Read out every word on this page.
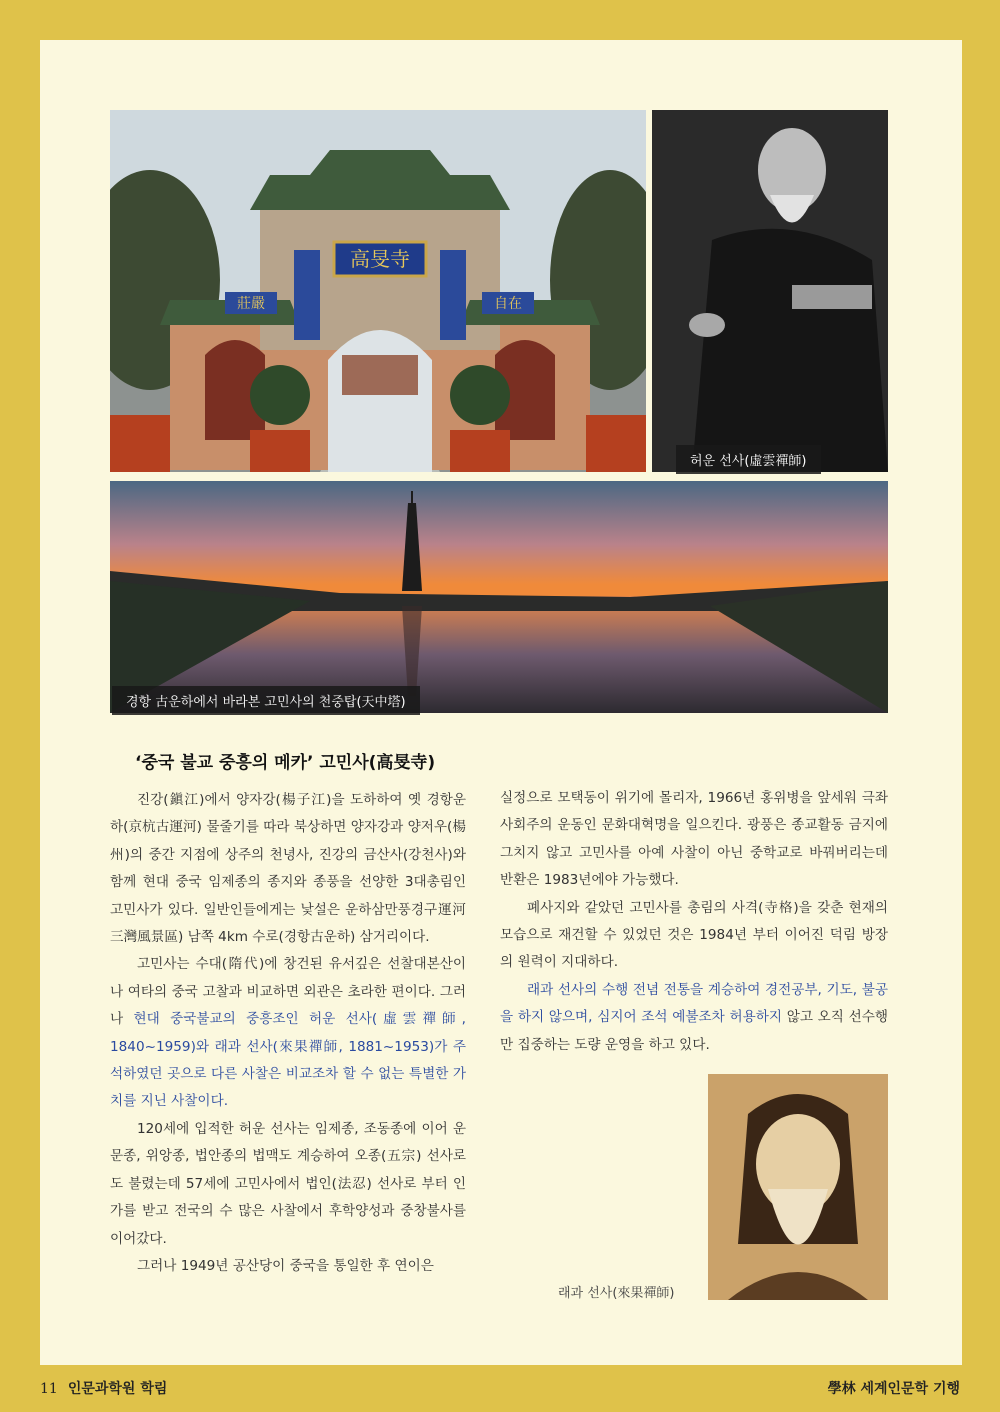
高旻寺
莊嚴	自在
허운 선사(虛雲禪師)
경항 古운하에서 바라본 고민사의 천중탑(天中塔)
래과 선사(來果禪師)
‘중국 불교 중흥의 메카’ 고민사(高旻寺)

진강(鎭江)에서 양자강(楊子江)을 도하하여 옛 경항운하(京杭古運河) 물줄기를 따라 북상하면 양자강과 양저우(楊州)의 중간 지점에 상주의 천녕사, 진강의 금산사(강천사)와 함께 현대 중국 임제종의 종지와 종풍을 선양한 3대총림인 고민사가 있다. 일반인들에게는 낯설은 운하삼만풍경구運河三灣風景區) 남쪽 4km 수로(경항古운하) 삼거리이다.

고민사는 수대(隋代)에 창건된 유서깊은 선찰대본산이나 여타의 중국 고찰과 비교하면 외관은 초라한 편이다. 그러나 현대 중국불교의 중흥조인 허운 선사(虛雲禪師, 1840~1959)와 래과 선사(來果禪師, 1881~1953)가 주석하였던 곳으로 다른 사찰은 비교조차 할 수 없는 특별한 가치를 지닌 사찰이다.

120세에 입적한 허운 선사는 임제종, 조동종에 이어 운문종, 위앙종, 법안종의 법맥도 계승하여 오종(五宗) 선사로도 불렸는데 57세에 고민사에서 법인(法忍) 선사로 부터 인가를 받고 전국의 수 많은 사찰에서 후학양성과 중창불사를 이어갔다.

그러나 1949년 공산당이 중국을 통일한 후 연이은

실정으로 모택동이 위기에 몰리자, 1966년 홍위병을 앞세워 극좌 사회주의 운동인 문화대혁명을 일으킨다. 광풍은 종교활동 금지에 그치지 않고 고민사를 아예 사찰이 아닌 중학교로 바꿔버리는데 반환은 1983년에야 가능했다.

폐사지와 같았던 고민사를 총림의 사격(寺格)을 갖춘 현재의 모습으로 재건할 수 있었던 것은 1984년 부터 이어진 덕림 방장의 원력이 지대하다.

래과 선사의 수행 전념 전통을 계승하여 경전공부, 기도, 불공을 하지 않으며, 심지어 조석 예불조차 허용하지 않고 오직 선수행만 집중하는 도량 운영을 하고 있다.

11 인문과학원 학림	學林 세계인문학 기행
